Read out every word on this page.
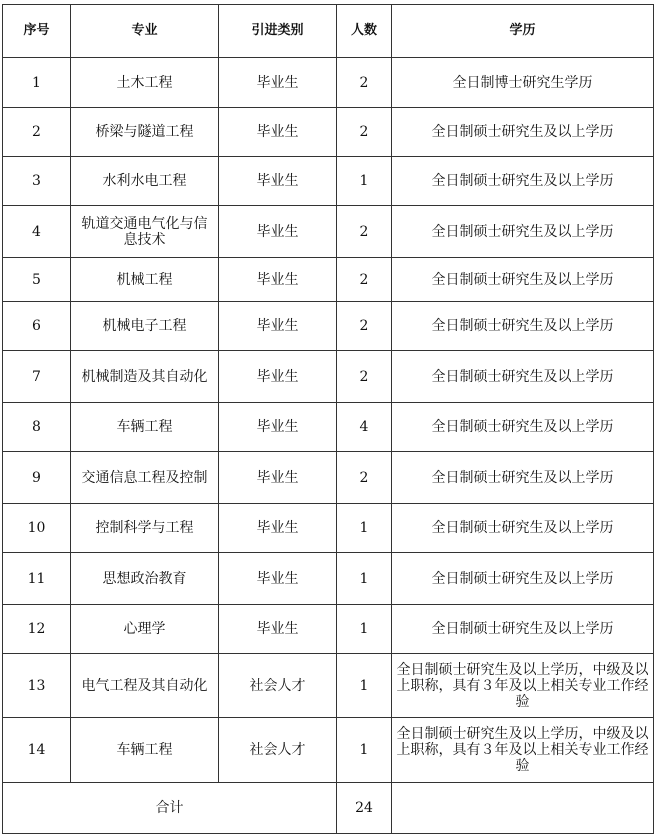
序号	专业	引进类别	人数	学历
1	土木工程	毕业生	2	全日制博士研究生学历
2	桥梁与隧道工程	毕业生	2	全日制硕士研究生及以上学历
3	水利水电工程	毕业生	1	全日制硕士研究生及以上学历
4	轨道交通电气化与信息技术	毕业生	2	全日制硕士研究生及以上学历
5	机械工程	毕业生	2	全日制硕士研究生及以上学历
6	机械电子工程	毕业生	2	全日制硕士研究生及以上学历
7	机械制造及其自动化	毕业生	2	全日制硕士研究生及以上学历
8	车辆工程	毕业生	4	全日制硕士研究生及以上学历
9	交通信息工程及控制	毕业生	2	全日制硕士研究生及以上学历
10	控制科学与工程	毕业生	1	全日制硕士研究生及以上学历
11	思想政治教育	毕业生	1	全日制硕士研究生及以上学历
12	心理学	毕业生	1	全日制硕士研究生及以上学历
13	电气工程及其自动化	社会人才	1	全日制硕士研究生及以上学历，中级及以上职称，具有３年及以上相关专业工作经验
14	车辆工程	社会人才	1	全日制硕士研究生及以上学历，中级及以上职称，具有３年及以上相关专业工作经验
合计			24	
